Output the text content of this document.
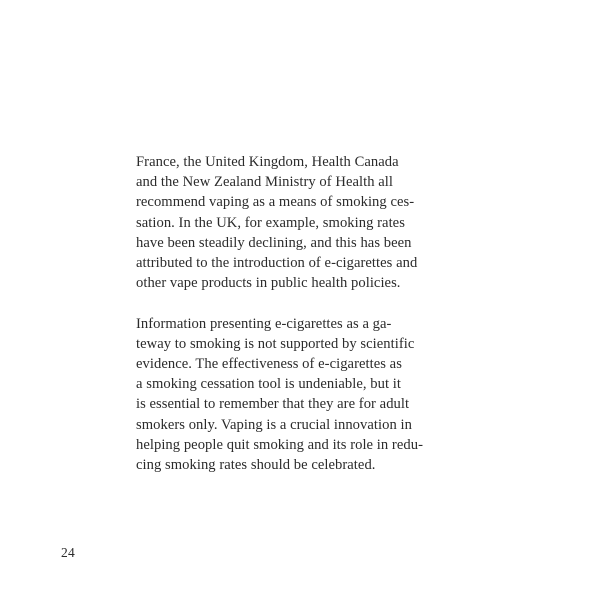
France, the United Kingdom, Health Canada
and the New Zealand Ministry of Health all
recommend vaping as a means of smoking ces-
sation. In the UK, for example, smoking rates
have been steadily declining, and this has been
attributed to the introduction of e-cigarettes and
other vape products in public health policies.

Information presenting e-cigarettes as a ga-
teway to smoking is not supported by scientific
evidence. The effectiveness of e-cigarettes as
a smoking cessation tool is undeniable, but it
is essential to remember that they are for adult
smokers only. Vaping is a crucial innovation in
helping people quit smoking and its role in redu-
cing smoking rates should be celebrated.

24
